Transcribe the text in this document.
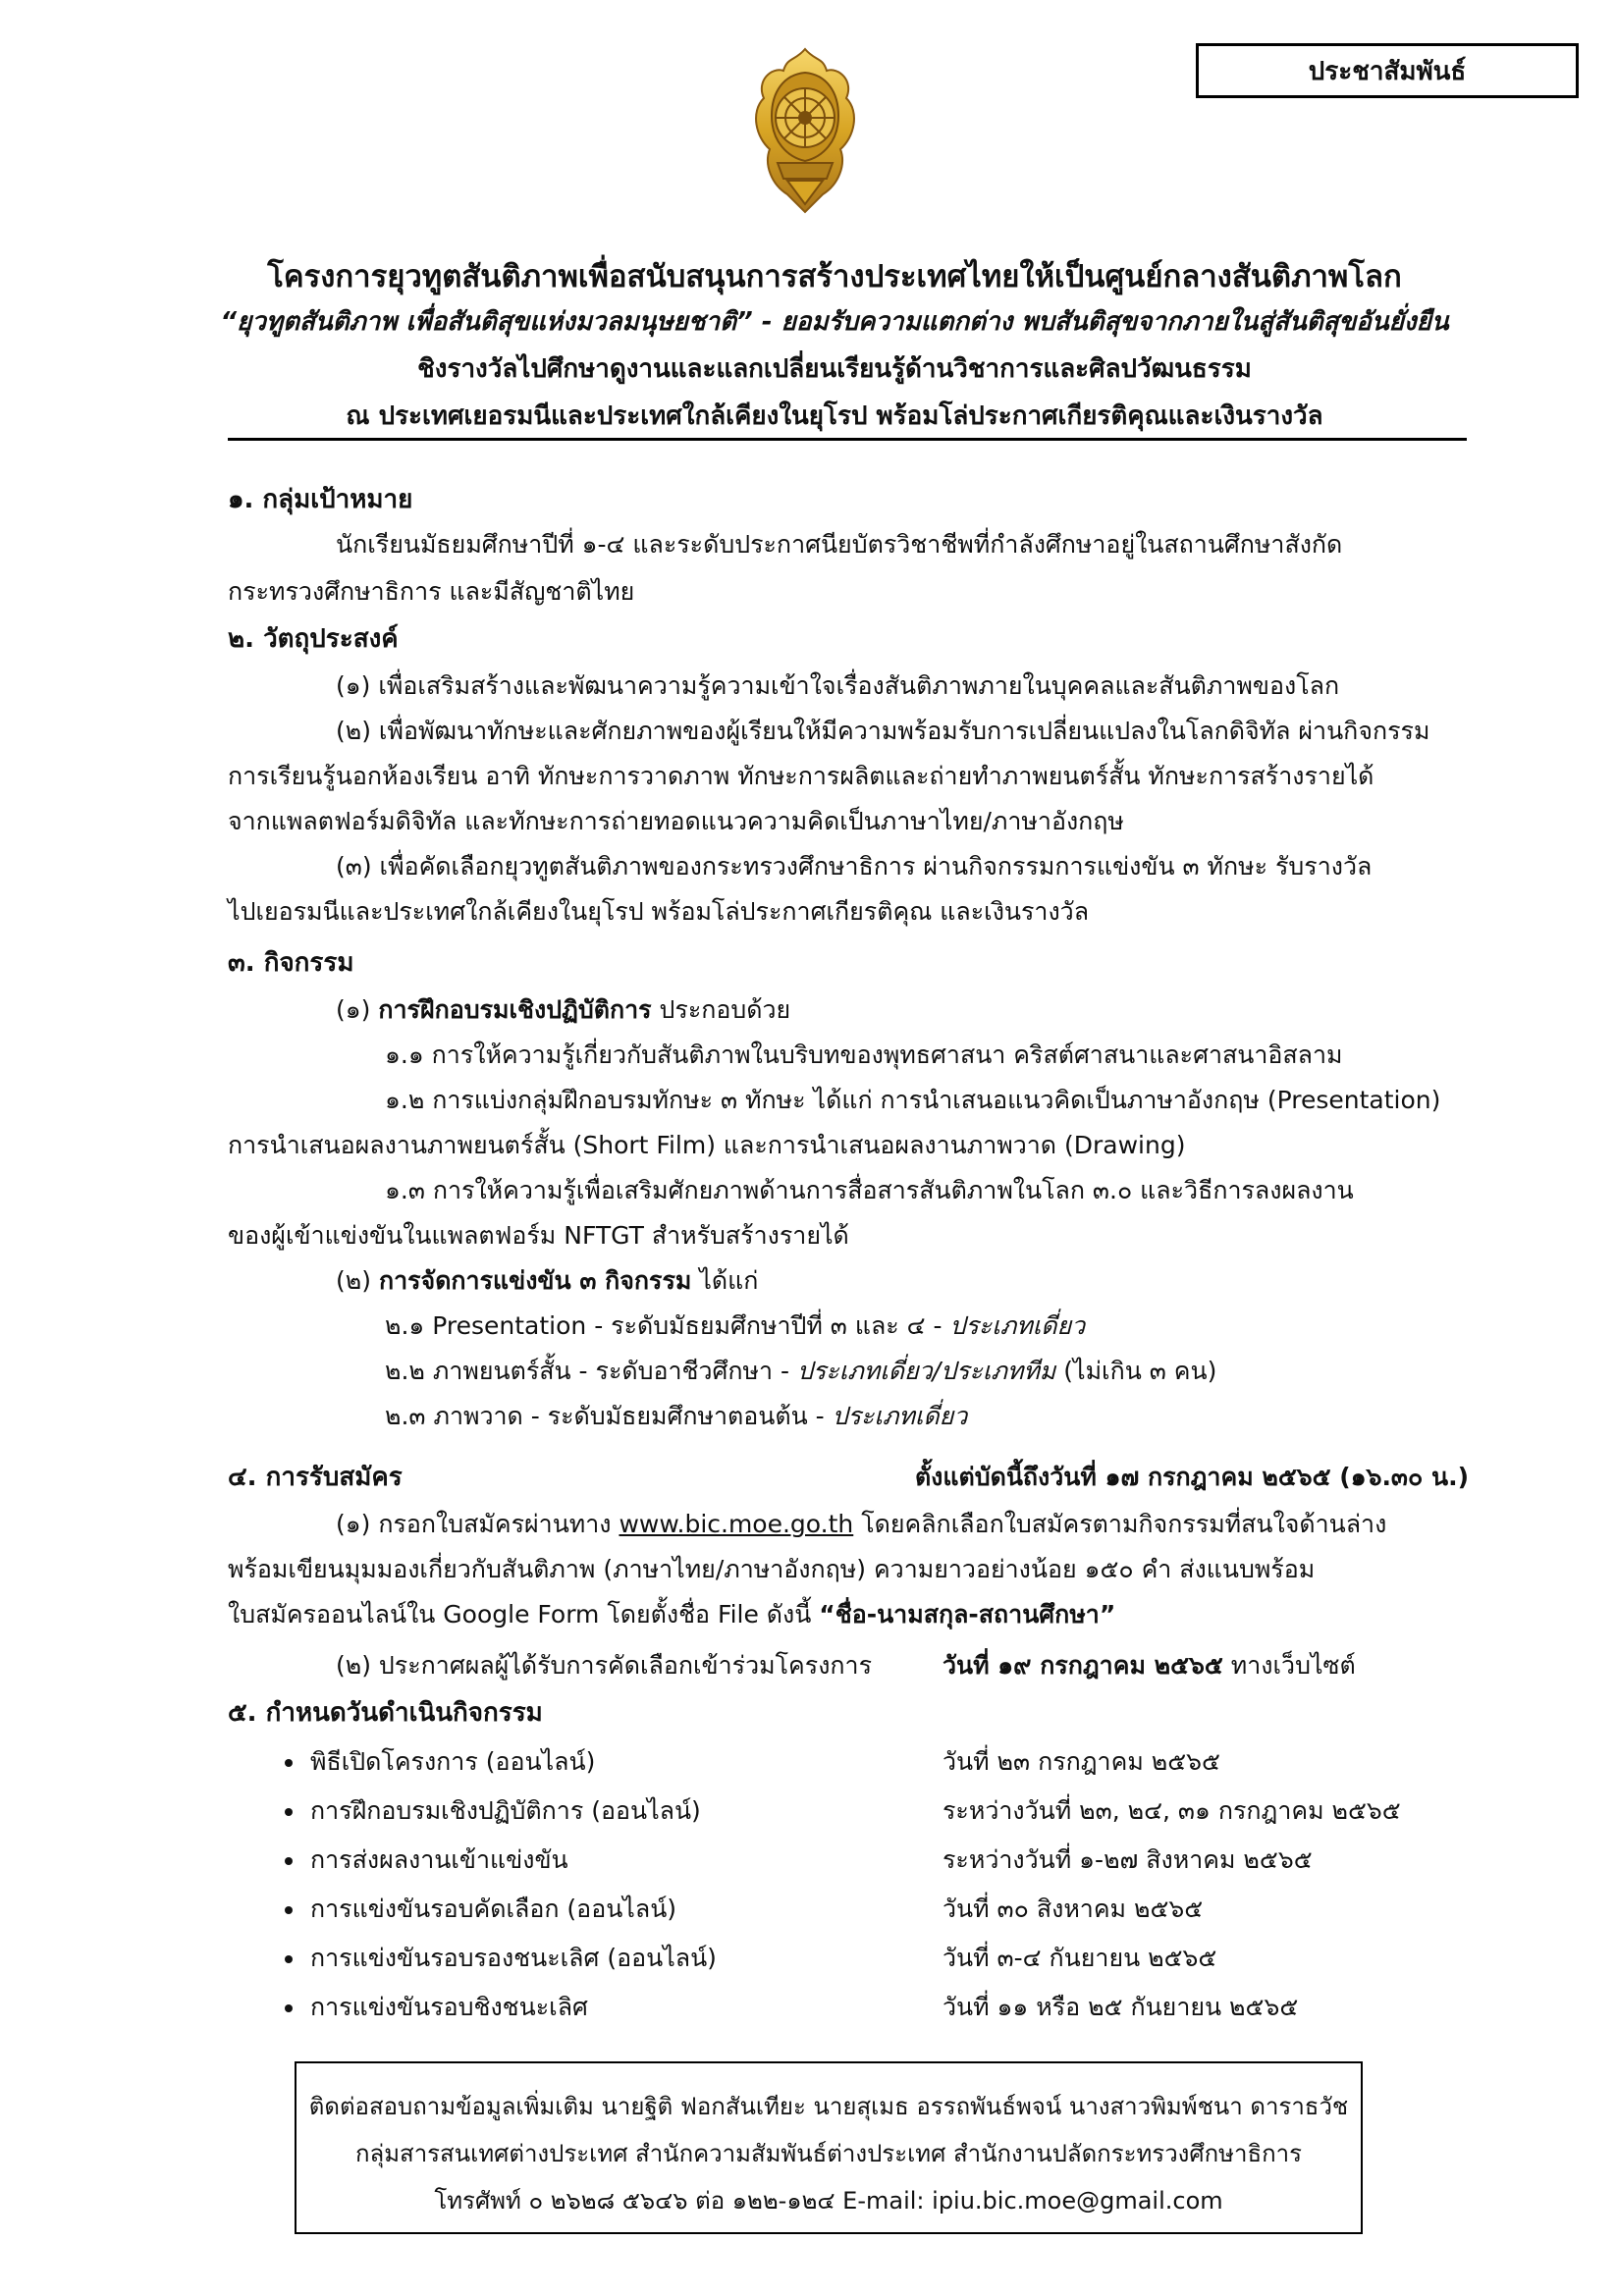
ประชาสัมพันธ์

โครงการยุวทูตสันติภาพเพื่อสนับสนุนการสร้างประเทศไทยให้เป็นศูนย์กลางสันติภาพโลก

“ยุวทูตสันติภาพ เพื่อสันติสุขแห่งมวลมนุษยชาติ” - ยอมรับความแตกต่าง พบสันติสุขจากภายในสู่สันติสุขอันยั่งยืน

ชิงรางวัลไปศึกษาดูงานและแลกเปลี่ยนเรียนรู้ด้านวิชาการและศิลปวัฒนธรรม

ณ ประเทศเยอรมนีและประเทศใกล้เคียงในยุโรป พร้อมโล่ประกาศเกียรติคุณและเงินรางวัล

๑. กลุ่มเป้าหมาย

นักเรียนมัธยมศึกษาปีที่ ๑-๔ และระดับประกาศนียบัตรวิชาชีพที่กำลังศึกษาอยู่ในสถานศึกษาสังกัด

กระทรวงศึกษาธิการ และมีสัญชาติไทย

๒. วัตถุประสงค์

(๑) เพื่อเสริมสร้างและพัฒนาความรู้ความเข้าใจเรื่องสันติภาพภายในบุคคลและสันติภาพของโลก

(๒) เพื่อพัฒนาทักษะและศักยภาพของผู้เรียนให้มีความพร้อมรับการเปลี่ยนแปลงในโลกดิจิทัล ผ่านกิจกรรม

การเรียนรู้นอกห้องเรียน อาทิ ทักษะการวาดภาพ ทักษะการผลิตและถ่ายทำภาพยนตร์สั้น ทักษะการสร้างรายได้

จากแพลตฟอร์มดิจิทัล และทักษะการถ่ายทอดแนวความคิดเป็นภาษาไทย/ภาษาอังกฤษ

(๓) เพื่อคัดเลือกยุวทูตสันติภาพของกระทรวงศึกษาธิการ ผ่านกิจกรรมการแข่งขัน ๓ ทักษะ รับรางวัล

ไปเยอรมนีและประเทศใกล้เคียงในยุโรป พร้อมโล่ประกาศเกียรติคุณ และเงินรางวัล

๓. กิจกรรม

(๑) การฝึกอบรมเชิงปฏิบัติการ ประกอบด้วย

๑.๑ การให้ความรู้เกี่ยวกับสันติภาพในบริบทของพุทธศาสนา คริสต์ศาสนาและศาสนาอิสลาม

๑.๒ การแบ่งกลุ่มฝึกอบรมทักษะ ๓ ทักษะ ได้แก่ การนำเสนอแนวคิดเป็นภาษาอังกฤษ (Presentation)

การนำเสนอผลงานภาพยนตร์สั้น (Short Film) และการนำเสนอผลงานภาพวาด (Drawing)

๑.๓ การให้ความรู้เพื่อเสริมศักยภาพด้านการสื่อสารสันติภาพในโลก ๓.๐ และวิธีการลงผลงาน

ของผู้เข้าแข่งขันในแพลตฟอร์ม NFTGT สำหรับสร้างรายได้

(๒) การจัดการแข่งขัน ๓ กิจกรรม ได้แก่

๒.๑ Presentation - ระดับมัธยมศึกษาปีที่ ๓ และ ๔ - ประเภทเดี่ยว

๒.๒ ภาพยนตร์สั้น - ระดับอาชีวศึกษา - ประเภทเดี่ยว/ประเภททีม (ไม่เกิน ๓ คน)

๒.๓ ภาพวาด - ระดับมัธยมศึกษาตอนต้น - ประเภทเดี่ยว

๔. การรับสมัคร	ตั้งแต่บัดนี้ถึงวันที่ ๑๗ กรกฎาคม ๒๕๖๕ (๑๖.๓๐ น.)

(๑) กรอกใบสมัครผ่านทาง www.bic.moe.go.th โดยคลิกเลือกใบสมัครตามกิจกรรมที่สนใจด้านล่าง

พร้อมเขียนมุมมองเกี่ยวกับสันติภาพ (ภาษาไทย/ภาษาอังกฤษ) ความยาวอย่างน้อย ๑๕๐ คำ ส่งแนบพร้อม

ใบสมัครออนไลน์ใน Google Form โดยตั้งชื่อ File ดังนี้ “ชื่อ-นามสกุล-สถานศึกษา”

(๒) ประกาศผลผู้ได้รับการคัดเลือกเข้าร่วมโครงการ	วันที่ ๑๙ กรกฎาคม ๒๕๖๕ ทางเว็บไซต์

๕. กำหนดวันดำเนินกิจกรรม

พิธีเปิดโครงการ (ออนไลน์)	วันที่ ๒๓ กรกฎาคม ๒๕๖๕

การฝึกอบรมเชิงปฏิบัติการ (ออนไลน์)	ระหว่างวันที่ ๒๓, ๒๔, ๓๑ กรกฎาคม ๒๕๖๕

การส่งผลงานเข้าแข่งขัน	ระหว่างวันที่ ๑-๒๗ สิงหาคม ๒๕๖๕

การแข่งขันรอบคัดเลือก (ออนไลน์)	วันที่ ๓๐ สิงหาคม ๒๕๖๕

การแข่งขันรอบรองชนะเลิศ (ออนไลน์)	วันที่ ๓-๔ กันยายน ๒๕๖๕

การแข่งขันรอบชิงชนะเลิศ	วันที่ ๑๑ หรือ ๒๕ กันยายน ๒๕๖๕

ติดต่อสอบถามข้อมูลเพิ่มเติม นายฐิติ ฟอกสันเทียะ นายสุเมธ อรรถพันธ์พจน์ นางสาวพิมพ์ชนา ดาราธวัช

กลุ่มสารสนเทศต่างประเทศ สำนักความสัมพันธ์ต่างประเทศ สำนักงานปลัดกระทรวงศึกษาธิการ

โทรศัพท์ ๐ ๒๖๒๘ ๕๖๔๖ ต่อ ๑๒๒-๑๒๔ E-mail: ipiu.bic.moe@gmail.com
